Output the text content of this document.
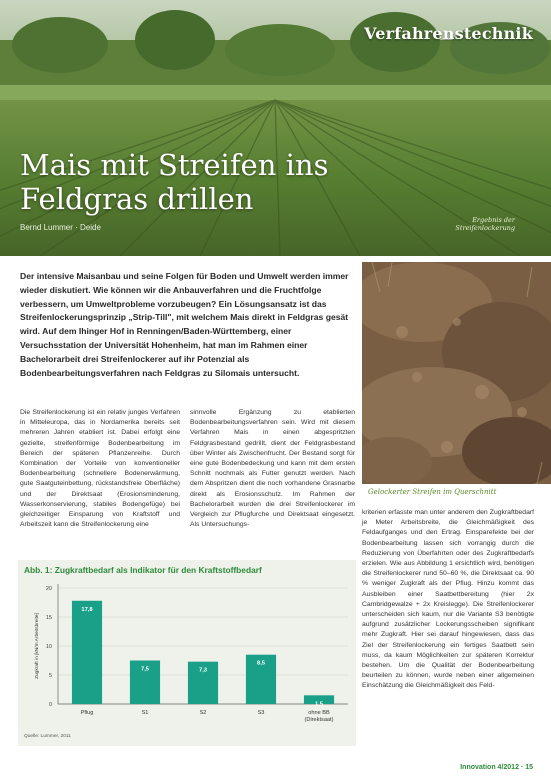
Verfahrenstechnik
Mais mit Streifen ins
Feldgras drillen
Bernd Lummer · Deide
Ergebnis der Streifenlockerung

Der intensive Maisanbau und seine Folgen für Boden und Umwelt werden immer wieder diskutiert. Wie können wir die Anbauverfahren und die Fruchtfolge verbessern, um Umweltprobleme vorzubeugen? Ein Lösungsansatz ist das Streifenlockerungsprinzip „Strip-Till", mit welchem Mais direkt in Feldgras gesät wird. Auf dem Ihinger Hof in Renningen/Baden-Württemberg, einer Versuchsstation der Universität Hohenheim, hat man im Rahmen einer Bachelorarbeit drei Streifenlockerer auf ihr Potenzial als Bodenbearbeitungsverfahren nach Feldgras zu Silomais untersucht.

Gelockerter Streifen im Querschnitt

Die Streifenlockerung ist ein relativ junges Verfahren in Mitteleuropa, das in Nordamerika bereits seit mehreren Jahren etabliert ist. Dabei erfolgt eine gezielte, streifenförmige Bodenbearbeitung im Bereich der späteren Pflanzenreihe. Durch Kombination der Vorteile von konventioneller Bodenbearbeitung (schnellere Bodenerwärmung, gute Saatguteinbettung, rückstandsfreie Oberfläche) und der Direktsaat (Erosionsminderung, Wasserkonservierung, stabiles Bodengefüge) bei gleichzeitiger Einsparung von Kraftstoff und Arbeitszeit kann die Streifenlockerung eine

sinnvolle Ergänzung zu etablierten Bodenbearbeitungsverfahren sein. Wird mit diesem Verfahren Mais in einen abgespritzten Feldgrasbestand gedrillt, dient der Feldgrasbestand über Winter als Zwischenfrucht. Der Bestand sorgt für eine gute Bodenbedeckung und kann mit dem ersten Schnitt nochmals als Futter genutzt werden. Nach dem Abspritzen dient die noch vorhandene Grasnarbe direkt als Erosionsschutz. Im Rahmen der Bachelorarbeit wurden die drei Streifenlockerer im Vergleich zur Pflugfurche und Direktsaat eingesetzt. Als Untersuchungs-

kriterien erfasste man unter anderem den Zugkraftbedarf je Meter Arbeitsbreite, die Gleichmäßigkeit des Feldaufganges und den Ertrag. Einsparefekte bei der Bodenbearbeitung lassen sich vorrangig durch die Reduzierung von Überfahrten oder des Zugkraftbedarfs erzielen. Wie aus Abbildung 1 ersichtlich wird, benötigen die Streifenlockerer rund 50–60 %, die Direktsaat ca. 90 % weniger Zugkraft als der Pflug. Hinzu kommt das Ausbleiben einer Saatbettbereitung (hier 2x Cambridgewalze + 2x Kreislegge). Die Streifenlockerer unterscheiden sich kaum, nur die Variante S3 benötigte aufgrund zusätzlicher Lockerungsscheiben signifikant mehr Zugkraft. Hier sei darauf hingewiesen, dass das Ziel der Streifenlockerung ein fertiges Saatbett sein muss, da kaum Möglichkeiten zur späteren Korrektur bestehen. Um die Qualität der Bodenbearbeitung beurteilen zu können, wurde neben einer allgemeinen Einschätzung die Gleichmäßigkeit des Feld-

Abb. 1: Zugkraftbedarf als Indikator für den Kraftstoffbedarf
0
5
10
15
20
Zugkraft in [kN/m Arbeitsbreite]
17,8
Pflug
7,5
S1
7,3
S2
8,5
S3
1,5
ohne BB
(Direktsaat)
Quelle: Lummer, 2011
Innovation 4/2012 · 15
